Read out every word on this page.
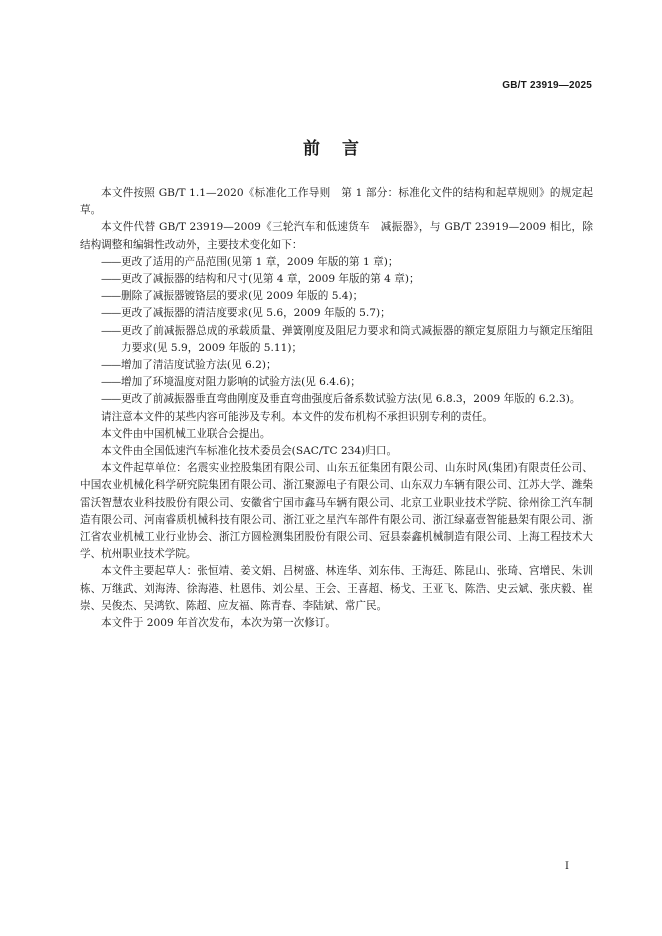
GB/T 23919—2025
前言

本文件按照 GB/T 1.1—2020《标准化工作导则　第 1 部分：标准化文件的结构和起草规则》的规定起草。

本文件代替 GB/T 23919—2009《三轮汽车和低速货车　减振器》，与 GB/T 23919—2009 相比，除结构调整和编辑性改动外，主要技术变化如下：

—— 更改了适用的产品范围(见第 1 章，2009 年版的第 1 章)；
—— 更改了减振器的结构和尺寸(见第 4 章，2009 年版的第 4 章)；
—— 删除了减振器镀铬层的要求(见 2009 年版的 5.4)；
—— 更改了减振器的清洁度要求(见 5.6，2009 年版的 5.7)；
—— 更改了前减振器总成的承载质量、弹簧刚度及阻尼力要求和筒式减振器的额定复原阻力与额定压缩阻力要求(见 5.9，2009 年版的 5.11)；
—— 增加了清洁度试验方法(见 6.2)；
—— 增加了环境温度对阻力影响的试验方法(见 6.4.6)；
—— 更改了前减振器垂直弯曲刚度及垂直弯曲强度后备系数试验方法(见 6.8.3，2009 年版的 6.2.3)。

请注意本文件的某些内容可能涉及专利。本文件的发布机构不承担识别专利的责任。

本文件由中国机械工业联合会提出。

本文件由全国低速汽车标准化技术委员会(SAC/TC 234)归口。

本文件起草单位：名震实业控股集团有限公司、山东五征集团有限公司、山东时风(集团)有限责任公司、中国农业机械化科学研究院集团有限公司、浙江聚源电子有限公司、山东双力车辆有限公司、江苏大学、潍柴雷沃智慧农业科技股份有限公司、安徽省宁国市鑫马车辆有限公司、北京工业职业技术学院、徐州徐工汽车制造有限公司、河南睿质机械科技有限公司、浙江亚之星汽车部件有限公司、浙江绿嘉壹智能悬架有限公司、浙江省农业机械工业行业协会、浙江方圆检测集团股份有限公司、冠县泰鑫机械制造有限公司、上海工程技术大学、杭州职业技术学院。

本文件主要起草人：张恒靖、姜文娟、吕树盛、林连华、刘东伟、王海廷、陈昆山、张琦、宫增民、朱训栋、万继武、刘海涛、徐海港、杜恩伟、刘公星、王会、王喜超、杨戈、王亚飞、陈浩、史云斌、张庆毅、崔崇、吴俊杰、吴鸿钦、陈超、应友福、陈青春、李陆斌、常广民。

本文件于 2009 年首次发布，本次为第一次修订。

I
